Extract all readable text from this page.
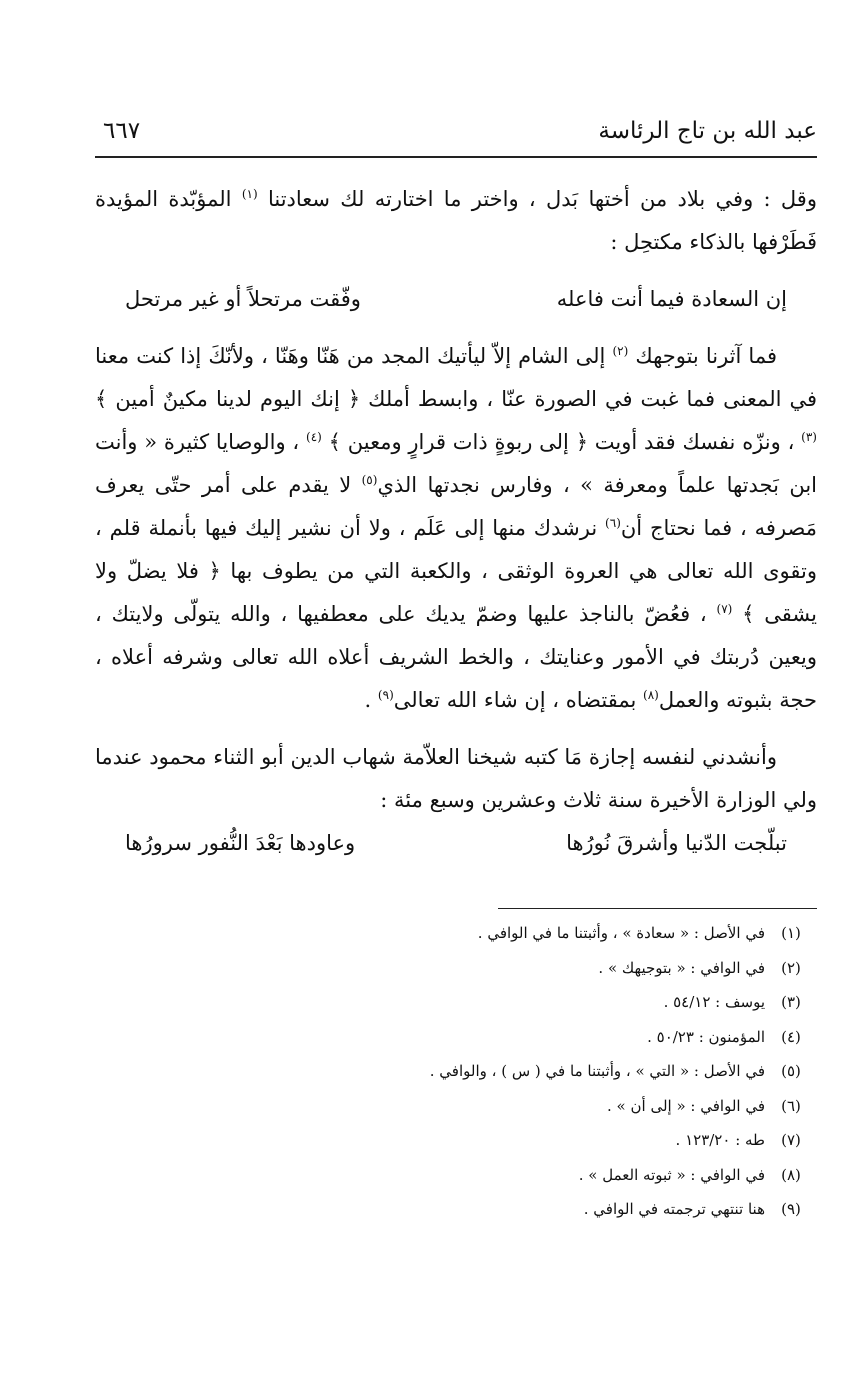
عبد الله بن تاج الرئاسة
٦٦٧

وقل : وفي بلاد من أختها بَدل ، واختر ما اختارته لك سعادتنا $^{(١)}$ المؤبّدة المؤيدة فَطَرْفها بالذكاء مكتحِل :

إن السعادة فيما أنت فاعله
وفّقت مرتحلاً أو غير مرتحل

فما آثرنا بتوجهك $^{(٢)}$ إلى الشام إلاّ ليأتيك المجد من هَنّا وهَنّا ، ولأنّكَ إذا كنت معنا في المعنى فما غبت في الصورة عنّا ، وابسط أملك ﴿ إنك اليوم لدينا مكينٌ أمين ﴾ $^{(٣)}$ ، ونزّه نفسك فقد أويت ﴿ إلى ربوةٍ ذات قرارٍ ومعين ﴾ $^{(٤)}$ ، والوصايا كثيرة « وأنت ابن بَجدتها علماً ومعرفة » ، وفارس نجدتها الذي$^{(٥)}$ لا يقدم على أمر حتّى يعرف مَصرفه ، فما نحتاج أن$^{(٦)}$ نرشدك منها إلى عَلَم ، ولا أن نشير إليك فيها بأنملة قلم ، وتقوى الله تعالى هي العروة الوثقى ، والكعبة التي من يطوف بها ﴿ فلا يضلّ ولا يشقى ﴾ $^{(٧)}$ ، فعُضّ بالناجذ عليها وضمّ يديك على معطفيها ، والله يتولّى ولايتك ، ويعين دُربتك في الأمور وعنايتك ، والخط الشريف أعلاه الله تعالى وشرفه أعلاه ، حجة بثبوته والعمل$^{(٨)}$ بمقتضاه ، إن شاء الله تعالى$^{(٩)}$ .

وأنشدني لنفسه إجازة مَا كتبه شيخنا العلاّمة شهاب الدين أبو الثناء محمود عندما ولي الوزارة الأخيرة سنة ثلاث وعشرين وسبع مئة :

تبلّجت الدّنيا وأشرقَ نُورُها
وعاودها بَعْدَ النُّفور سرورُها
(١)
في الأصل : « سعادة » ، وأثبتنا ما في الوافي .
(٢)
في الوافي : « بتوجيهك » .
(٣)
يوسف : ٥٤/١٢ .
(٤)
المؤمنون : ٥٠/٢٣ .
(٥)
في الأصل : « التي » ، وأثبتنا ما في ( س ) ، والوافي .
(٦)
في الوافي : « إلى أن » .
(٧)
طه : ١٢٣/٢٠ .
(٨)
في الوافي : « ثبوته العمل » .
(٩)
هنا تنتهي ترجمته في الوافي .
